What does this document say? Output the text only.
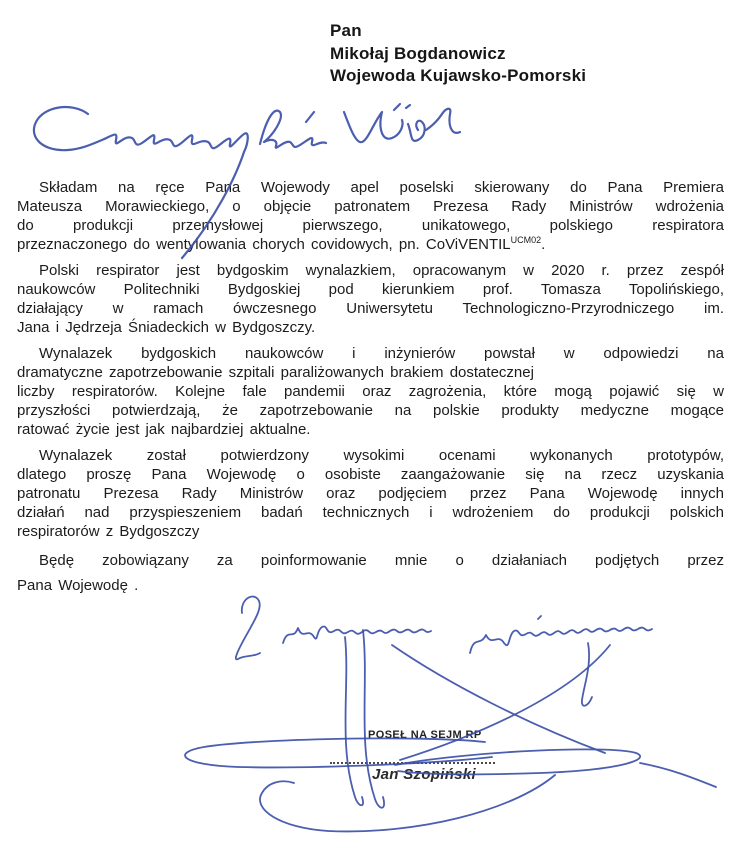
Pan
Mikołaj Bogdanowicz
Wojewoda Kujawsko-Pomorski

Składam na ręce Pana Wojewody apel poselski skierowany do Pana Premiera
Mateusza Morawieckiego, o objęcie patronatem Prezesa Rady Ministrów wdrożenia
do produkcji przemysłowej pierwszego, unikatowego, polskiego respiratora
przeznaczonego do wentylowania chorych covidowych, pn. CoViVENTIL$^{UCM02}$.

Polski respirator jest bydgoskim wynalazkiem, opracowanym w 2020 r. przez zespół
naukowców Politechniki Bydgoskiej pod kierunkiem prof. Tomasza Topolińskiego,
działający w ramach ówczesnego Uniwersytetu Technologiczno-Przyrodniczego im.
Jana i Jędrzeja Śniadeckich w Bydgoszczy.

Wynalazek bydgoskich naukowców i inżynierów powstał w odpowiedzi na
dramatyczne zapotrzebowanie szpitali paraliżowanych brakiem dostatecznej
liczby respiratorów. Kolejne fale pandemii oraz zagrożenia, które mogą pojawić się w
przyszłości potwierdzają, że zapotrzebowanie na polskie produkty medyczne mogące
ratować życie jest jak najbardziej aktualne.

Wynalazek został potwierdzony wysokimi ocenami wykonanych prototypów,
dlatego proszę Pana Wojewodę o osobiste zaangażowanie się na rzecz uzyskania
patronatu Prezesa Rady Ministrów oraz podjęciem przez Pana Wojewodę innych
działań nad przyspieszeniem badań technicznych i wdrożeniem do produkcji polskich
respiratorów z Bydgoszczy

Będę zobowiązany za poinformowanie mnie o działaniach podjętych przez
Pana Wojewodę .

POSEŁ NA SEJM RP
Jan Szopiński
